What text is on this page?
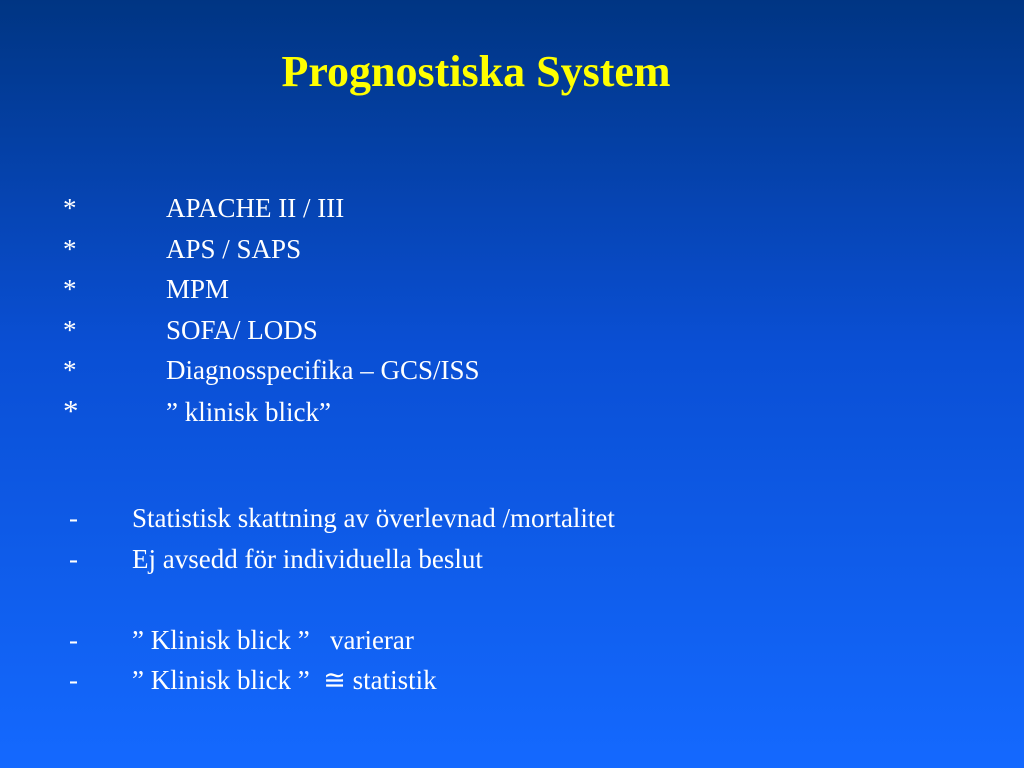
Prognostiska System
*	APACHE II / III
*	APS / SAPS
*	MPM
*	SOFA/ LODS
*	Diagnosspecifika – GCS/ISS
*	” klinisk blick”
- Statistisk skattning av överlevnad /mortalitet
- Ej avsedd för individuella beslut
- ” Klinisk blick ”   varierar
- ” Klinisk blick ”  ≅ statistik
